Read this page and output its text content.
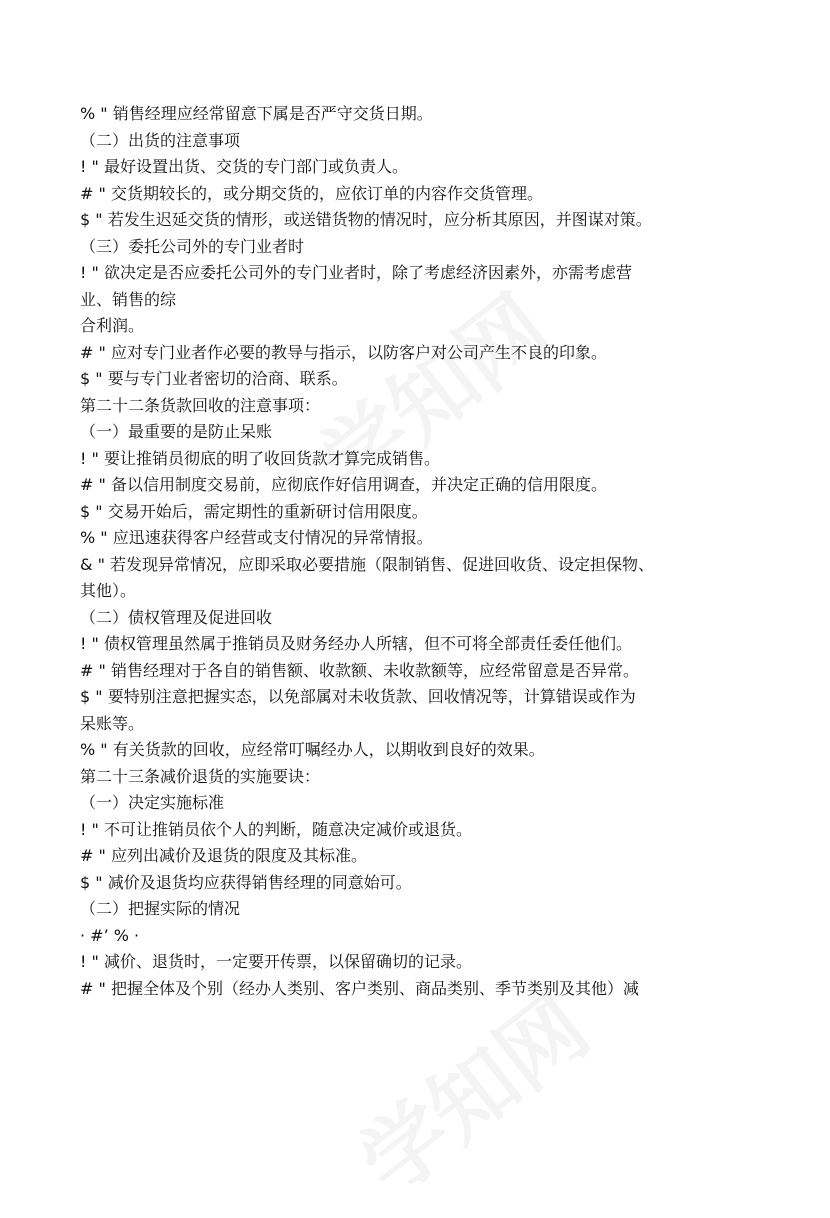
% " 销售经理应经常留意下属是否严守交货日期。
（二）出货的注意事项
! " 最好设置出货、交货的专门部门或负责人。
# " 交货期较长的，或分期交货的，应依订单的内容作交货管理。
$ " 若发生迟延交货的情形，或送错货物的情况时，应分析其原因，并图谋对策。
（三）委托公司外的专门业者时
! " 欲决定是否应委托公司外的专门业者时，除了考虑经济因素外，亦需考虑营
业、销售的综
合利润。
# " 应对专门业者作必要的教导与指示，以防客户对公司产生不良的印象。
$ " 要与专门业者密切的洽商、联系。
第二十二条货款回收的注意事项：
（一）最重要的是防止呆账
! " 要让推销员彻底的明了收回货款才算完成销售。
# " 备以信用制度交易前，应彻底作好信用调查，并决定正确的信用限度。
$ " 交易开始后，需定期性的重新研讨信用限度。
% " 应迅速获得客户经营或支付情况的异常情报。
& " 若发现异常情况，应即采取必要措施（限制销售、促进回收货、设定担保物、
其他）。
（二）债权管理及促进回收
! " 债权管理虽然属于推销员及财务经办人所辖，但不可将全部责任委任他们。
# " 销售经理对于各自的销售额、收款额、未收款额等，应经常留意是否异常。
$ " 要特别注意把握实态，以免部属对未收货款、回收情况等，计算错误或作为
呆账等。
% " 有关货款的回收，应经常叮嘱经办人，以期收到良好的效果。
第二十三条减价退货的实施要诀：
（一）决定实施标准
! " 不可让推销员依个人的判断，随意决定减价或退货。
# " 应列出减价及退货的限度及其标准。
$ " 减价及退货均应获得销售经理的同意始可。
（二）把握实际的情况
· #’ % ·
! " 减价、退货时，一定要开传票，以保留确切的记录。
# " 把握全体及个别（经办人类别、客户类别、商品类别、季节类别及其他）减
